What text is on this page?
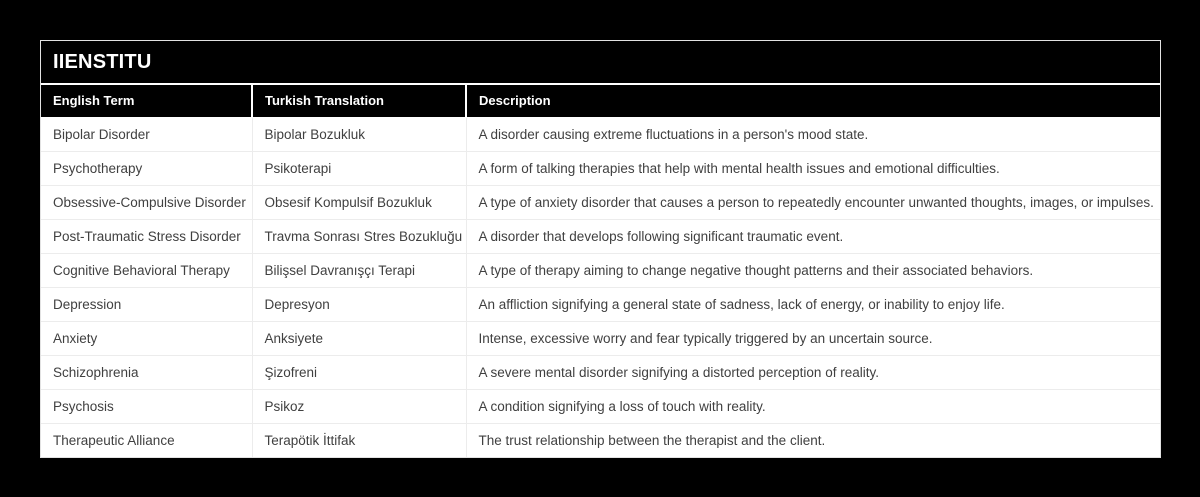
IIENSTITU
English Term	Turkish Translation	Description
Bipolar Disorder	Bipolar Bozukluk	A disorder causing extreme fluctuations in a person's mood state.
Psychotherapy	Psikoterapi	A form of talking therapies that help with mental health issues and emotional difficulties.
Obsessive-Compulsive Disorder	Obsesif Kompulsif Bozukluk	A type of anxiety disorder that causes a person to repeatedly encounter unwanted thoughts, images, or impulses.
Post-Traumatic Stress Disorder	Travma Sonrası Stres Bozukluğu	A disorder that develops following significant traumatic event.
Cognitive Behavioral Therapy	Bilişsel Davranışçı Terapi	A type of therapy aiming to change negative thought patterns and their associated behaviors.
Depression	Depresyon	An affliction signifying a general state of sadness, lack of energy, or inability to enjoy life.
Anxiety	Anksiyete	Intense, excessive worry and fear typically triggered by an uncertain source.
Schizophrenia	Şizofreni	A severe mental disorder signifying a distorted perception of reality.
Psychosis	Psikoz	A condition signifying a loss of touch with reality.
Therapeutic Alliance	Terapötik İttifak	The trust relationship between the therapist and the client.
